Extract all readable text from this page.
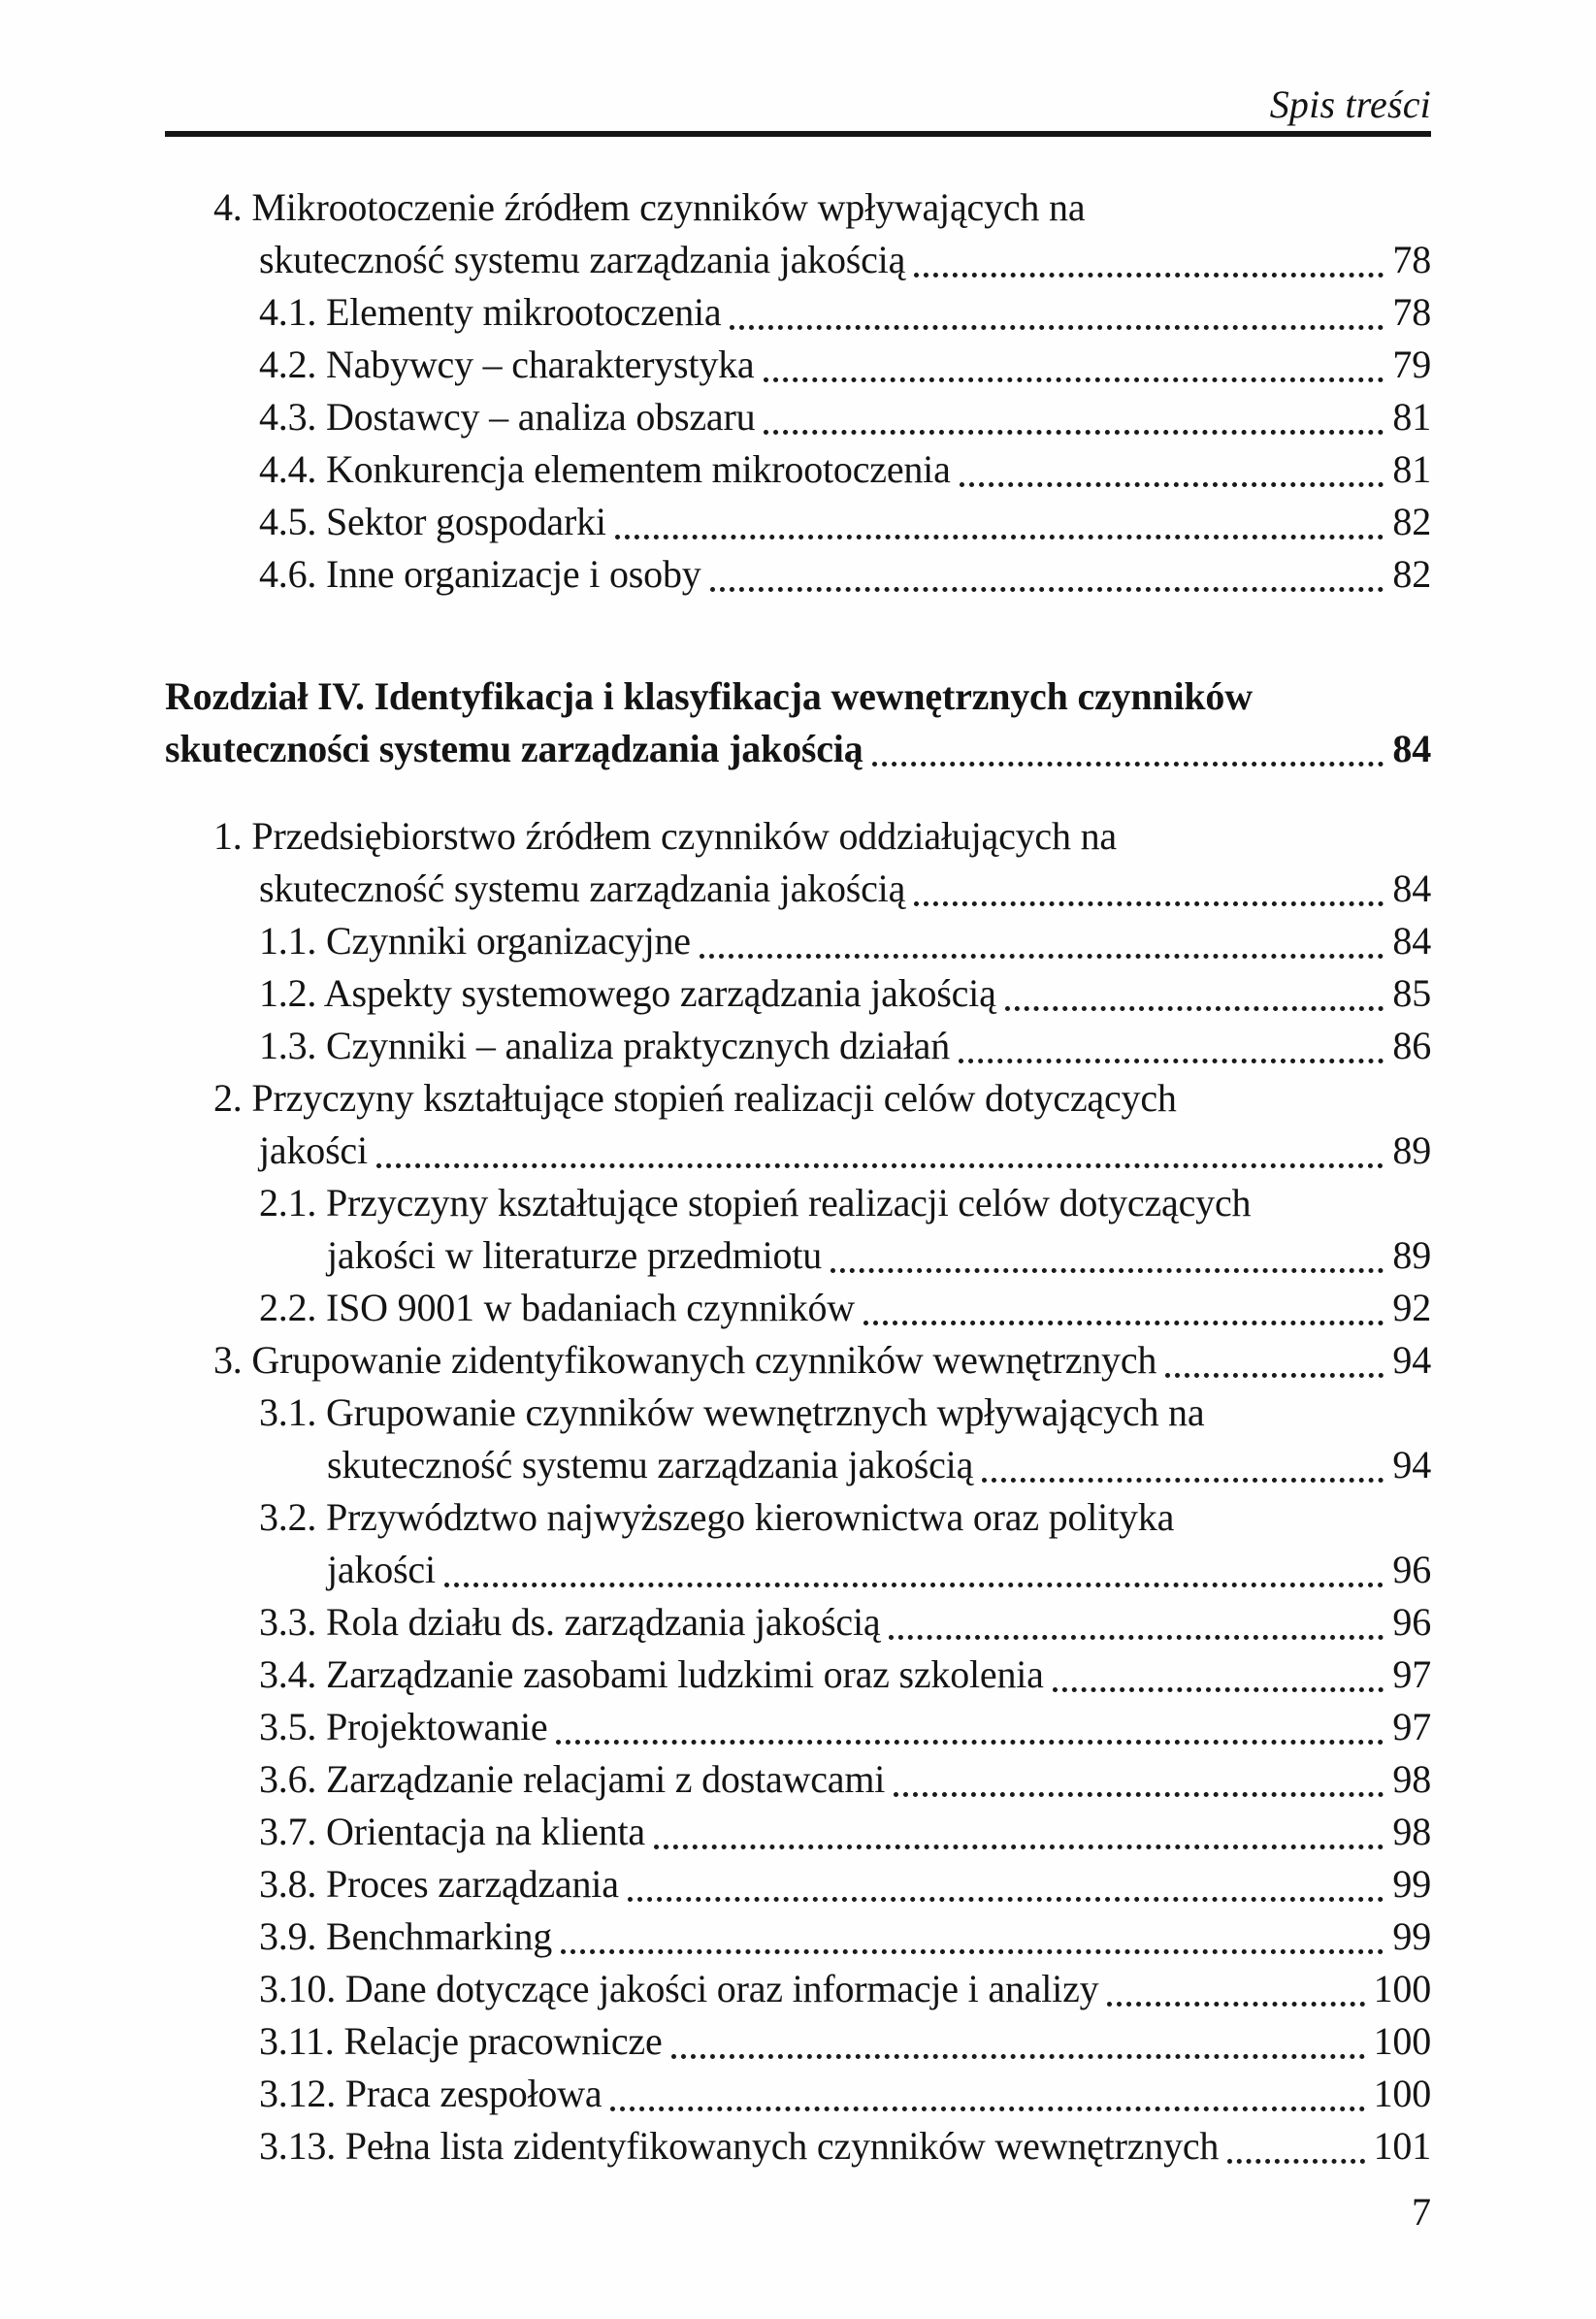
Spis treści
4. Mikrootoczenie źródłem czynników wpływających na
skuteczność systemu zarządzania jakością	78
4.1. Elementy mikrootoczenia	78
4.2. Nabywcy – charakterystyka	79
4.3. Dostawcy – analiza obszaru	81
4.4. Konkurencja elementem mikrootoczenia	81
4.5. Sektor gospodarki	82
4.6. Inne organizacje i osoby	82
Rozdział IV. Identyfikacja i klasyfikacja wewnętrznych czynników
skuteczności systemu zarządzania jakością	84
1. Przedsiębiorstwo źródłem czynników oddziałujących na
skuteczność systemu zarządzania jakością	84
1.1. Czynniki organizacyjne	84
1.2. Aspekty systemowego zarządzania jakością	85
1.3. Czynniki – analiza praktycznych działań	86
2. Przyczyny kształtujące stopień realizacji celów dotyczących
jakości	89
2.1. Przyczyny kształtujące stopień realizacji celów dotyczących
jakości w literaturze przedmiotu	89
2.2. ISO 9001 w badaniach czynników	92
3. Grupowanie zidentyfikowanych czynników wewnętrznych	94
3.1. Grupowanie czynników wewnętrznych wpływających na
skuteczność systemu zarządzania jakością	94
3.2. Przywództwo najwyższego kierownictwa oraz polityka
jakości	96
3.3. Rola działu ds. zarządzania jakością	96
3.4. Zarządzanie zasobami ludzkimi oraz szkolenia	97
3.5. Projektowanie	97
3.6. Zarządzanie relacjami z dostawcami	98
3.7. Orientacja na klienta	98
3.8. Proces zarządzania	99
3.9. Benchmarking	99
3.10. Dane dotyczące jakości oraz informacje i analizy	100
3.11. Relacje pracownicze	100
3.12. Praca zespołowa	100
3.13. Pełna lista zidentyfikowanych czynników wewnętrznych	101
7
